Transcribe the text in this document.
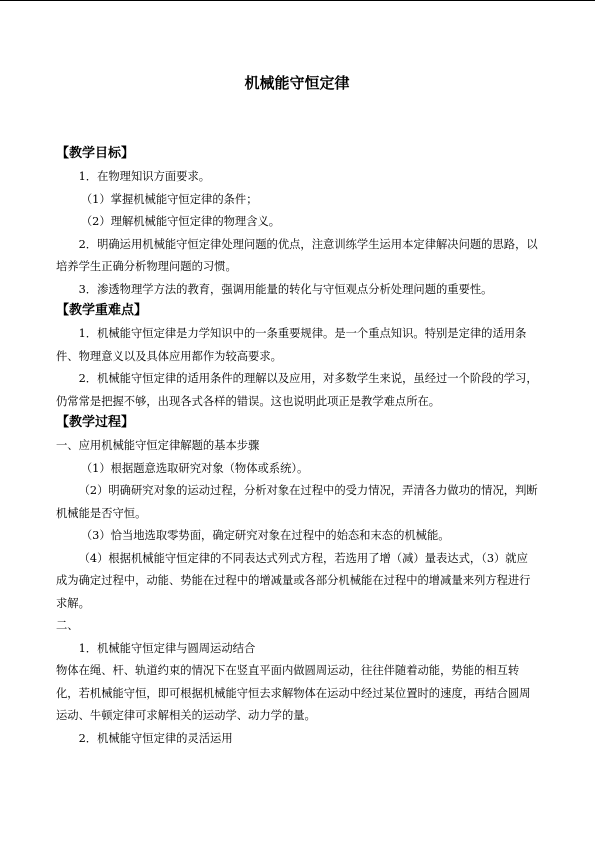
机械能守恒定律
【教学目标】

1．在物理知识方面要求。

（1）掌握机械能守恒定律的条件；

（2）理解机械能守恒定律的物理含义。

2．明确运用机械能守恒定律处理问题的优点，注意训练学生运用本定律解决问题的思路，以培养学生正确分析物理问题的习惯。

3．渗透物理学方法的教育，强调用能量的转化与守恒观点分析处理问题的重要性。

【教学重难点】

1．机械能守恒定律是力学知识中的一条重要规律。是一个重点知识。特别是定律的适用条件、物理意义以及具体应用都作为较高要求。

2．机械能守恒定律的适用条件的理解以及应用，对多数学生来说，虽经过一个阶段的学习，仍常常是把握不够，出现各式各样的错误。这也说明此项正是教学难点所在。

【教学过程】

一、应用机械能守恒定律解题的基本步骤

（1）根据题意选取研究对象（物体或系统）。

（2）明确研究对象的运动过程，分析对象在过程中的受力情况，弄清各力做功的情况，判断机械能是否守恒。

（3）恰当地选取零势面，确定研究对象在过程中的始态和末态的机械能。

（4）根据机械能守恒定律的不同表达式列式方程，若选用了增（减）量表达式，（3）就应成为确定过程中，动能、势能在过程中的增减量或各部分机械能在过程中的增减量来列方程进行求解。

二、

1．机械能守恒定律与圆周运动结合

物体在绳、杆、轨道约束的情况下在竖直平面内做圆周运动，往往伴随着动能，势能的相互转化，若机械能守恒，即可根据机械能守恒去求解物体在运动中经过某位置时的速度，再结合圆周运动、牛顿定律可求解相关的运动学、动力学的量。

2．机械能守恒定律的灵活运用
